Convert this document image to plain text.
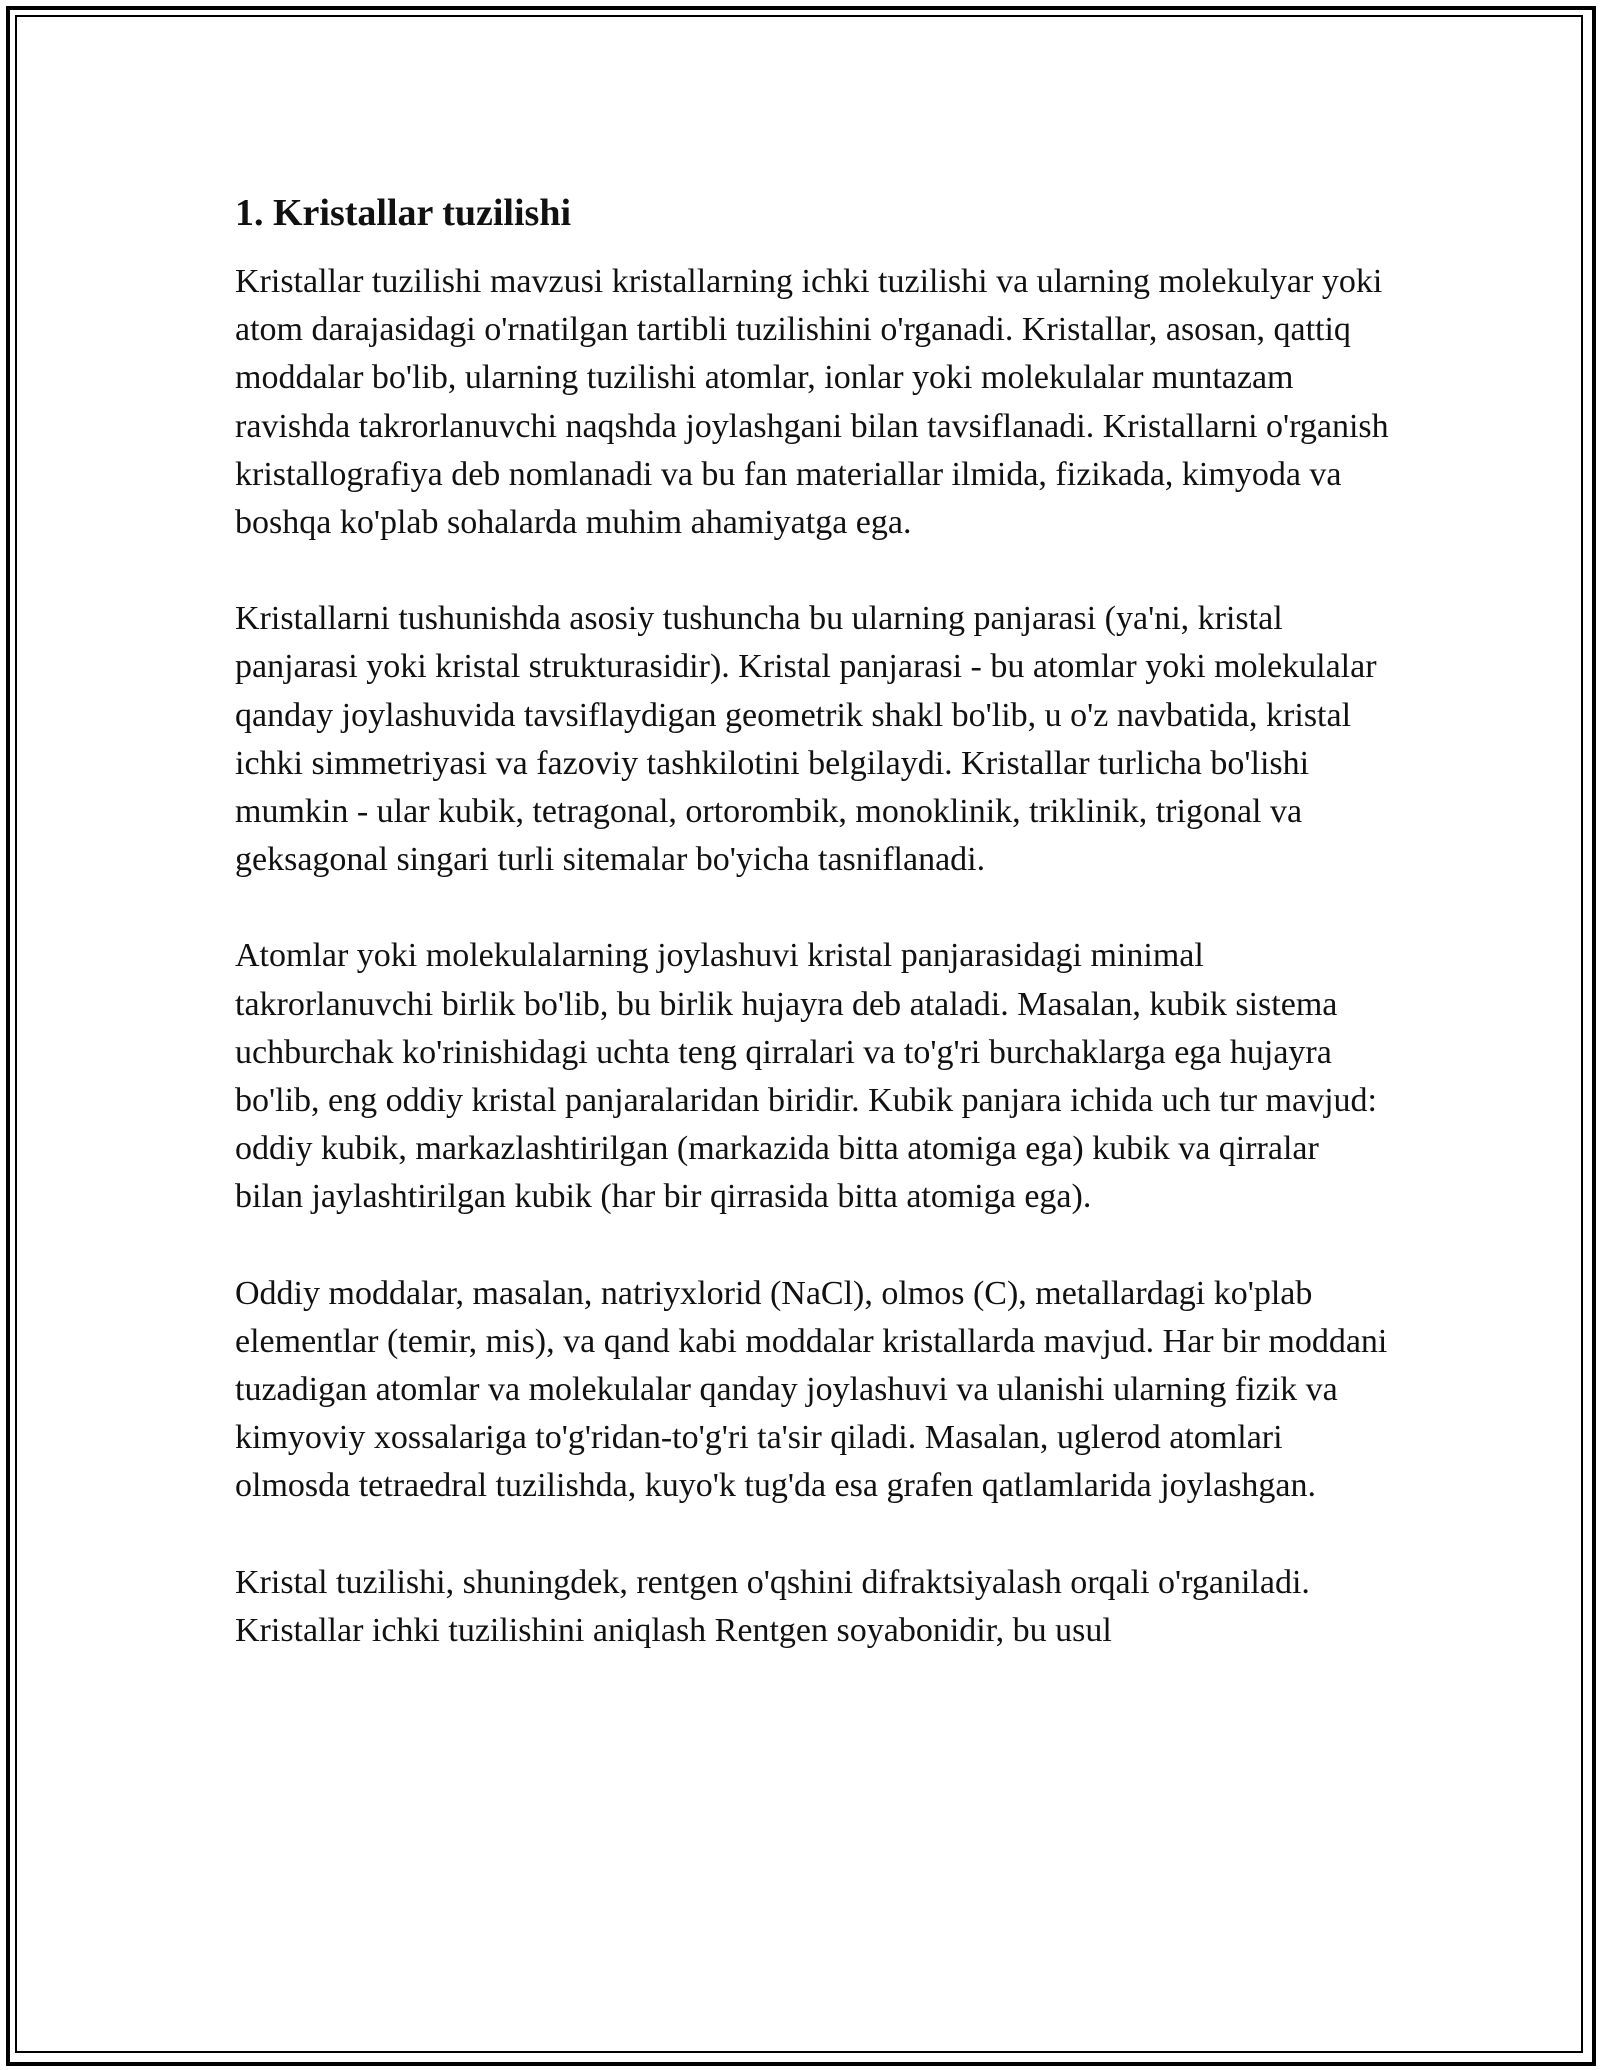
1. Kristallar tuzilishi

Kristallar tuzilishi mavzusi kristallarning ichki tuzilishi va ularning molekulyar yoki atom darajasidagi o'rnatilgan tartibli tuzilishini o'rganadi. Kristallar, asosan, qattiq moddalar bo'lib, ularning tuzilishi atomlar, ionlar yoki molekulalar muntazam ravishda takrorlanuvchi naqshda joylashgani bilan tavsiflanadi. Kristallarni o'rganish kristallografiya deb nomlanadi va bu fan materiallar ilmida, fizikada, kimyoda va boshqa ko'plab sohalarda muhim ahamiyatga ega.

Kristallarni tushunishda asosiy tushuncha bu ularning panjarasi (ya'ni, kristal panjarasi yoki kristal strukturasidir). Kristal panjarasi - bu atomlar yoki molekulalar qanday joylashuvida tavsiflaydigan geometrik shakl bo'lib, u o'z navbatida, kristal ichki simmetriyasi va fazoviy tashkilotini belgilaydi. Kristallar turlicha bo'lishi mumkin - ular kubik, tetragonal, ortorombik, monoklinik, triklinik, trigonal va geksagonal singari turli sitemalar bo'yicha tasniflanadi.

Atomlar yoki molekulalarning joylashuvi kristal panjarasidagi minimal takrorlanuvchi birlik bo'lib, bu birlik hujayra deb ataladi. Masalan, kubik sistema uchburchak ko'rinishidagi uchta teng qirralari va to'g'ri burchaklarga ega hujayra bo'lib, eng oddiy kristal panjaralaridan biridir. Kubik panjara ichida uch tur mavjud: oddiy kubik, markazlashtirilgan (markazida bitta atomiga ega) kubik va qirralar bilan jaylashtirilgan kubik (har bir qirrasida bitta atomiga ega).

Oddiy moddalar, masalan, natriyxlorid (NaCl), olmos (C), metallardagi ko'plab elementlar (temir, mis), va qand kabi moddalar kristallarda mavjud. Har bir moddani tuzadigan atomlar va molekulalar qanday joylashuvi va ulanishi ularning fizik va kimyoviy xossalariga to'g'ridan-to'g'ri ta'sir qiladi. Masalan, uglerod atomlari olmosda tetraedral tuzilishda, kuyo'k tug'da esa grafen qatlamlarida joylashgan.

Kristal tuzilishi, shuningdek, rentgen o'qshini difraktsiyalash orqali o'rganiladi. Kristallar ichki tuzilishini aniqlash Rentgen soyabonidir, bu usul
